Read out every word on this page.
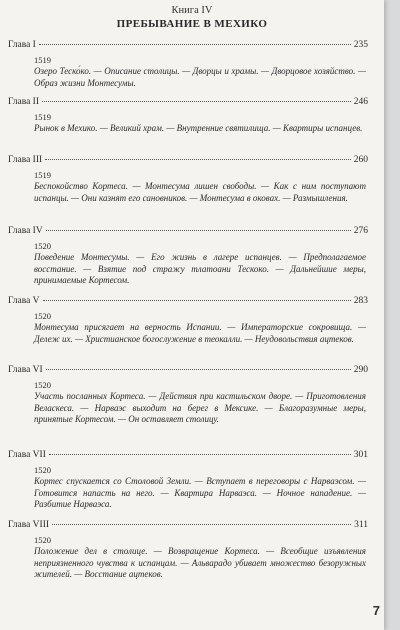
Книга IV
ПРЕБЫВАНИЕ В МЕХИКО
Глава I	235
1519

Озеро Теско́ко. — Описание столицы. — Дворцы и храмы. — Дворцовое хозяйство. — Образ жизни Монтесумы.

Глава II	246
1519

Рынок в Мехико. — Великий храм. — Внутренние святилища. — Квартиры испанцев.

Глава III	260
1519

Беспокойство Кортеса. — Монтесума лишен свободы. — Как с ним поступают испанцы. — Они казнят его сановников. — Монтесума в оковах. — Размышления.

Глава IV	276
1520

Поведение Монтесумы. — Его жизнь в лагере испанцев. — Предполагаемое восстание. — Взятие под стражу тлатоани Тескоко. — Дальнейшие меры, принимаемые Кортесом.

Глава V	283
1520

Монтесума присягает на верность Испании. — Императорские сокровища. — Дележ их. — Христианское богослужение в теокалли. — Неудовольствия ацтеков.

Глава VI	290
1520

Участь посланных Кортеса. — Действия при кастильском дворе. — Приготовления Веласкеса. — Нарваэс выходит на берег в Мексике. — Благоразумные меры, принятые Кортесом. — Он оставляет столицу.

Глава VII	301
1520

Кортес спускается со Столовой Земли. — Вступает в переговоры с Нарваэсом. — Готовится напасть на него. — Квартира Нарваэса. — Ночное нападение. — Разбитие Нарваэса.

Глава VIII	311
1520

Положение дел в столице. — Возвращение Кортеса. — Всеобщие изъявления неприязненного чувства к испанцам. — Альварадо убивает множество безоружных жителей. — Восстание ацтеков.

7
